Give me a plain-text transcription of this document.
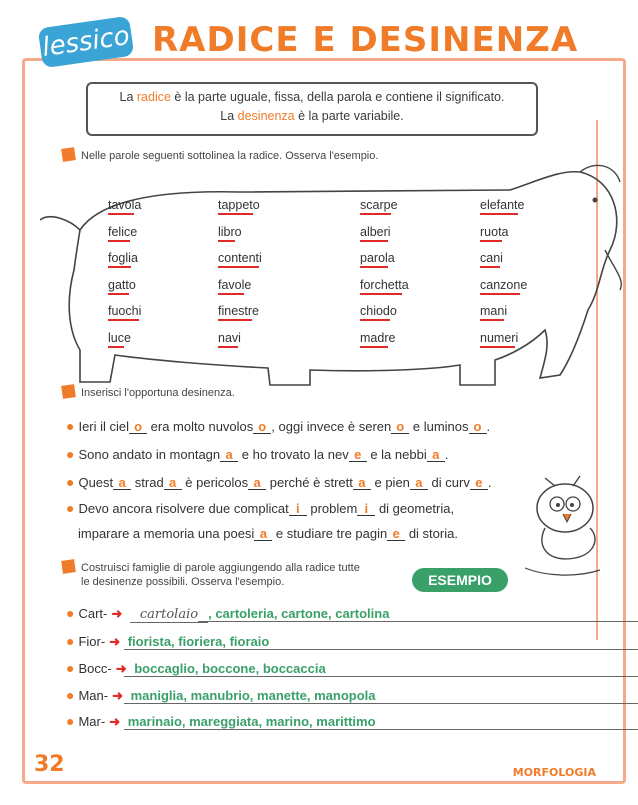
lessico RADICE E DESINENZA
La radice è la parte uguale, fissa, della parola e contiene il significato.
La desinenza è la parte variabile.
Nelle parole seguenti sottolinea la radice. Osserva l'esempio.
tavola
felice
foglia
gatto
fuochi
luce
tappeto
libro
contenti
favole
finestre
navi
scarpe
alberi
parola
forchetta
chiodo
madre
elefante
ruota
cani
canzone
mani
numeri
Inserisci l'opportuna desinenza.
● Ieri il ciel o era molto nuvolos o , oggi invece è seren o e luminos o .
● Sono andato in montagn a e ho trovato la nev e e la nebbi a .
● Quest a strad a è pericolos a perché è strett a e pien a di curv e .
● Devo ancora risolvere due complicat i problem i di geometria,
imparare a memoria una poesi a e studiare tre pagin e di storia.
Costruisci famiglie di parole aggiungendo alla radice tutte
le desinenze possibili. Osserva l'esempio.	ESEMPIO
● Cart- ➜ cartolaio , cartoleria, cartone, cartolina
● Fior- ➜ fiorista, fioriera, fioraio
● Bocc- ➜ boccaglio, boccone, boccaccia
● Man- ➜ maniglia, manubrio, manette, manopola
● Mar- ➜ marinaio, mareggiata, marino, marittimo
32	MORFOLOGIA
